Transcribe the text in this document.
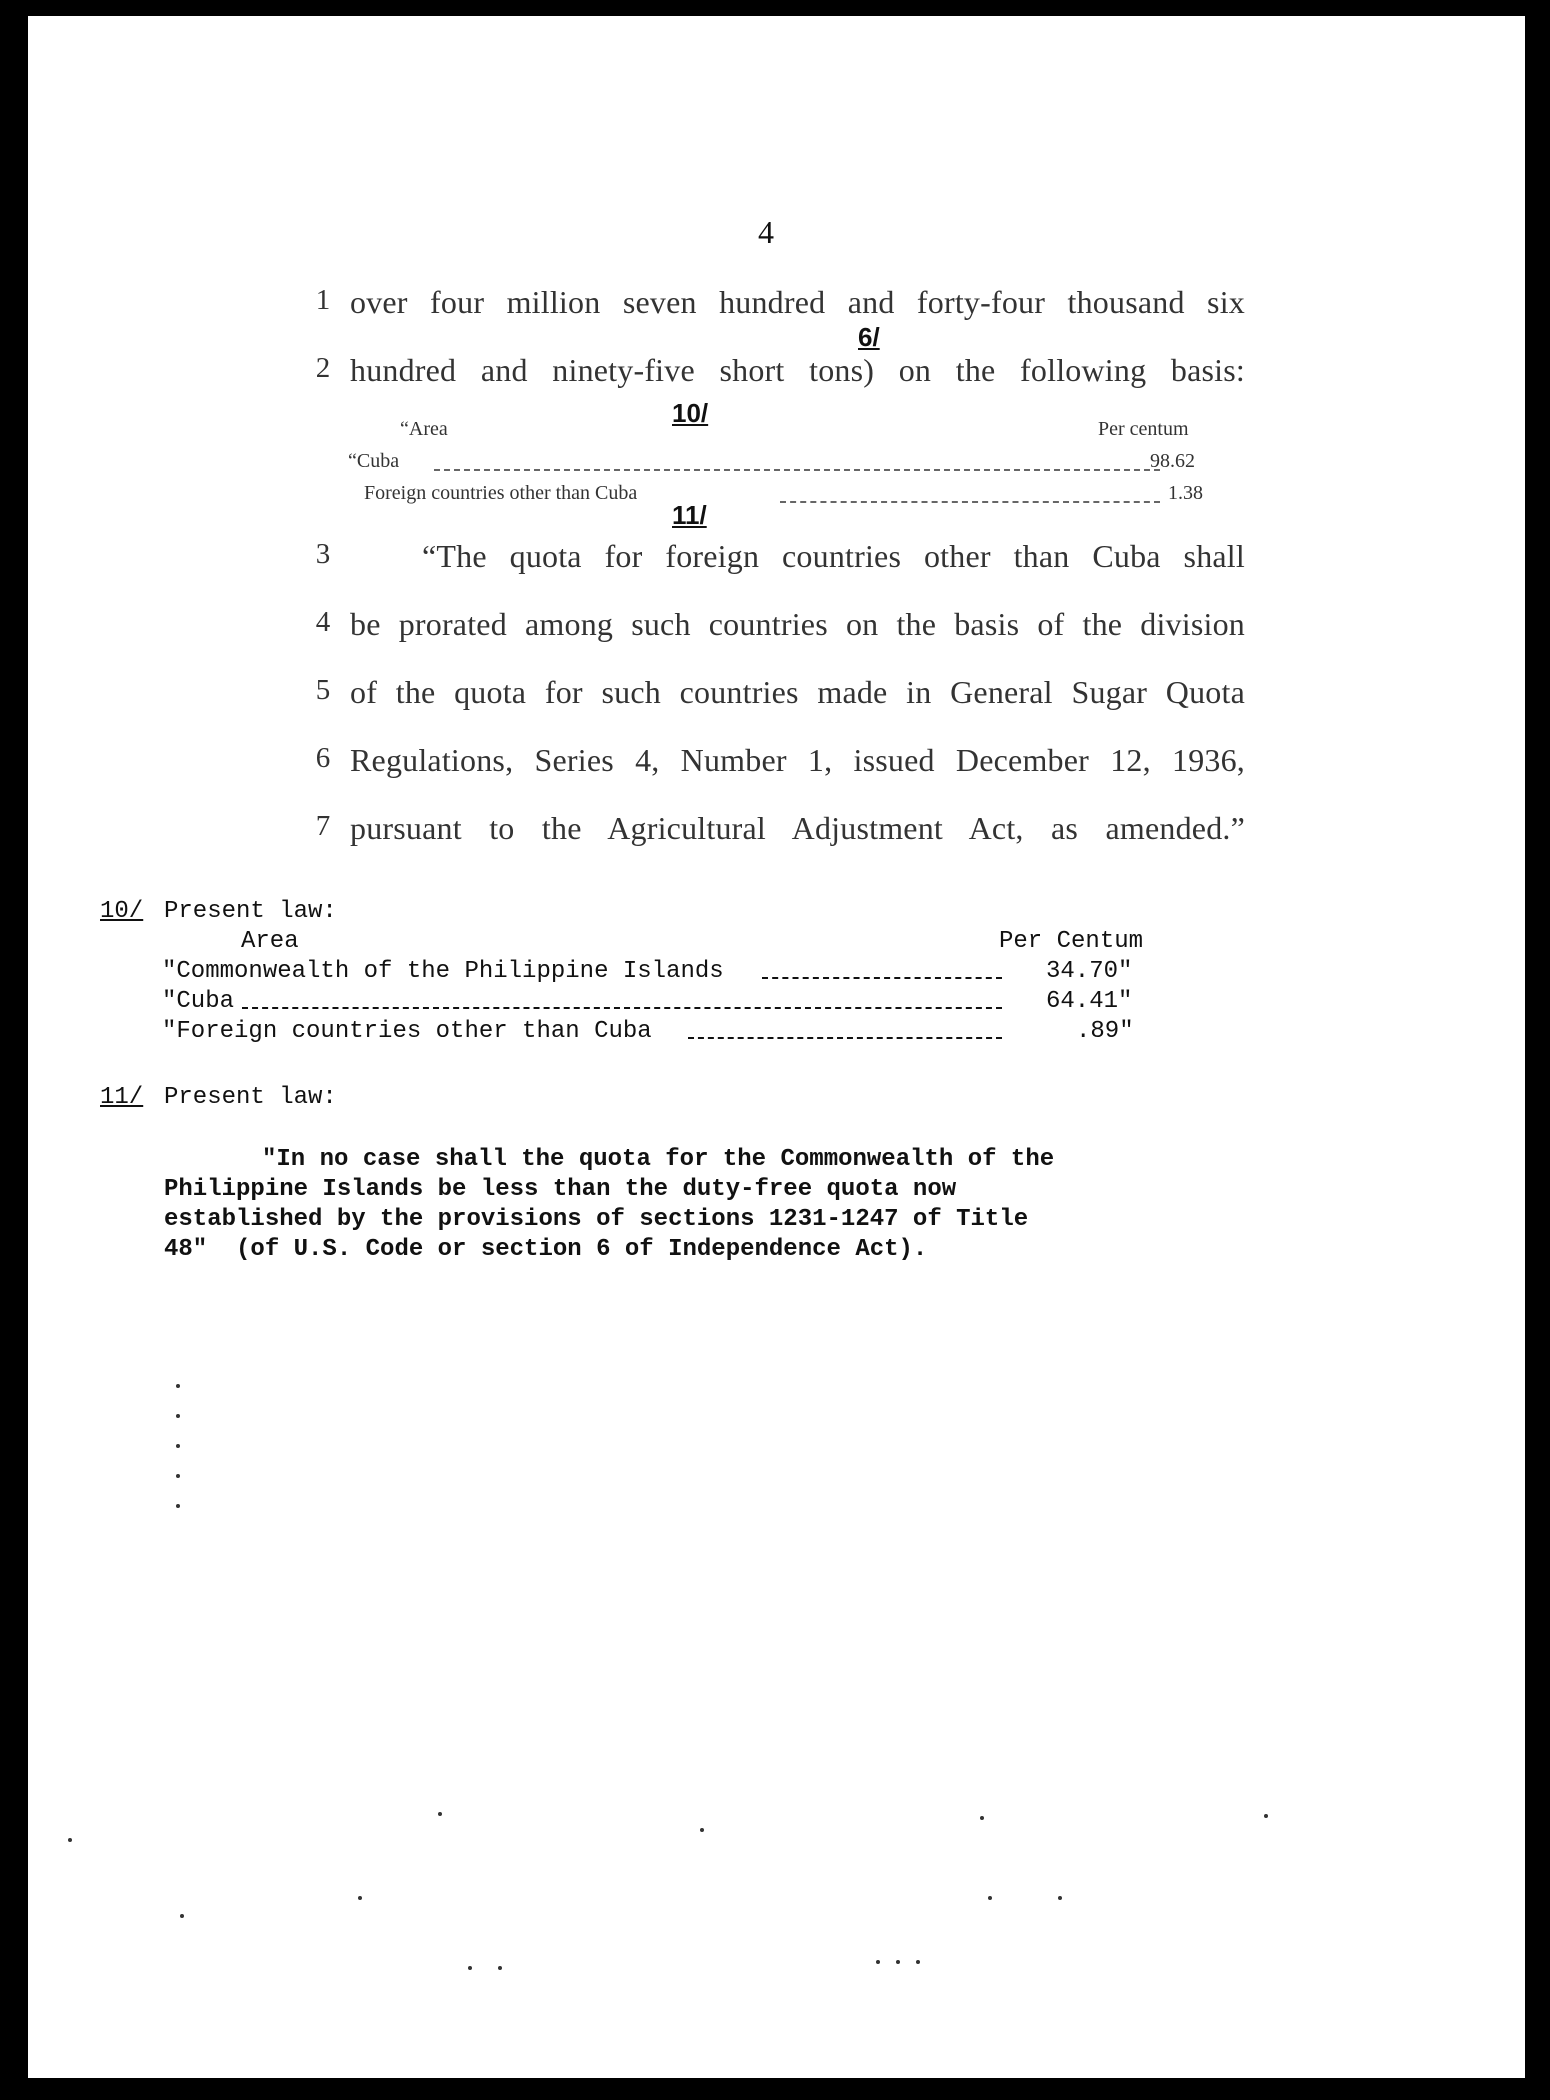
4
1 over four million seven hundred and forty-four thousand six
2 hundred and ninety-five short tons) on the following basis:
6/
“Area	Per centum
10/
“Cuba	98.62
Foreign countries other than Cuba	1.38
11/
3	“The quota for foreign countries other than Cuba shall
4 be prorated among such countries on the basis of the division
5 of the quota for such countries made in General Sugar Quota
6 Regulations, Series 4, Number 1, issued December 12, 1936,
7 pursuant to the Agricultural Adjustment Act, as amended.”
10/ Present law:
Area	Per Centum
"Commonwealth of the Philippine Islands	34.70"
"Cuba	64.41"
"Foreign countries other than Cuba	.89"
11/ Present law:
"In no case shall the quota for the Commonwealth of the
Philippine Islands be less than the duty-free quota now
established by the provisions of sections 1231-1247 of Title
48"  (of U.S. Code or section 6 of Independence Act).
